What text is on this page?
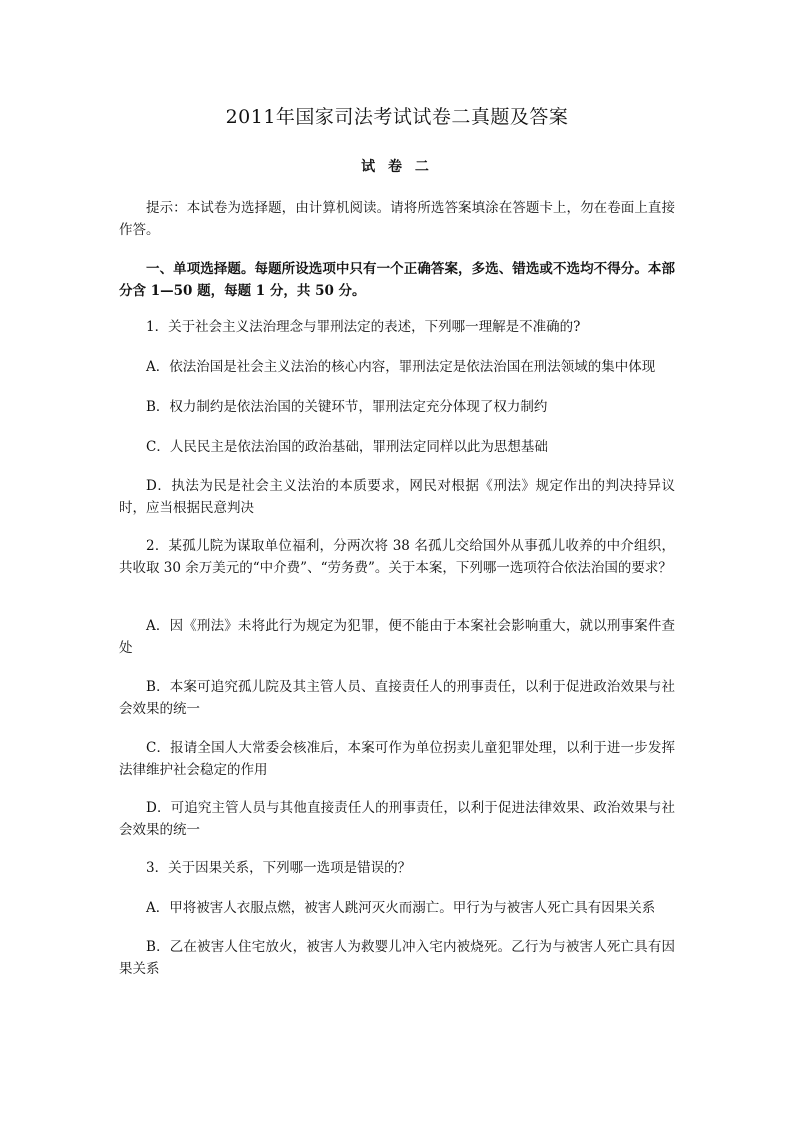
2011年国家司法考试试卷二真题及答案
试 卷 二
提示：本试卷为选择题，由计算机阅读。请将所选答案填涂在答题卡上，勿在卷面上直接作答。
一、单项选择题。每题所设选项中只有一个正确答案，多选、错选或不选均不得分。本部分含 1—50 题，每题 1 分，共 50 分。
1．关于社会主义法治理念与罪刑法定的表述，下列哪一理解是不准确的?
A．依法治国是社会主义法治的核心内容，罪刑法定是依法治国在刑法领域的集中体现
B．权力制约是依法治国的关键环节，罪刑法定充分体现了权力制约
C．人民民主是依法治国的政治基础，罪刑法定同样以此为思想基础
D．执法为民是社会主义法治的本质要求，网民对根据《刑法》规定作出的判决持异议时，应当根据民意判决
2．某孤儿院为谋取单位福利，分两次将 38 名孤儿交给国外从事孤儿收养的中介组织，共收取 30 余万美元的“中介费”、“劳务费”。关于本案，下列哪一选项符合依法治国的要求？
A．因《刑法》未将此行为规定为犯罪，便不能由于本案社会影响重大，就以刑事案件查处
B．本案可追究孤儿院及其主管人员、直接责任人的刑事责任，以利于促进政治效果与社会效果的统一
C．报请全国人大常委会核准后，本案可作为单位拐卖儿童犯罪处理，以利于进一步发挥法律维护社会稳定的作用
D．可追究主管人员与其他直接责任人的刑事责任，以利于促进法律效果、政治效果与社会效果的统一
3．关于因果关系，下列哪一选项是错误的？
A．甲将被害人衣服点燃，被害人跳河灭火而溺亡。甲行为与被害人死亡具有因果关系
B．乙在被害人住宅放火，被害人为救婴儿冲入宅内被烧死。乙行为与被害人死亡具有因果关系
